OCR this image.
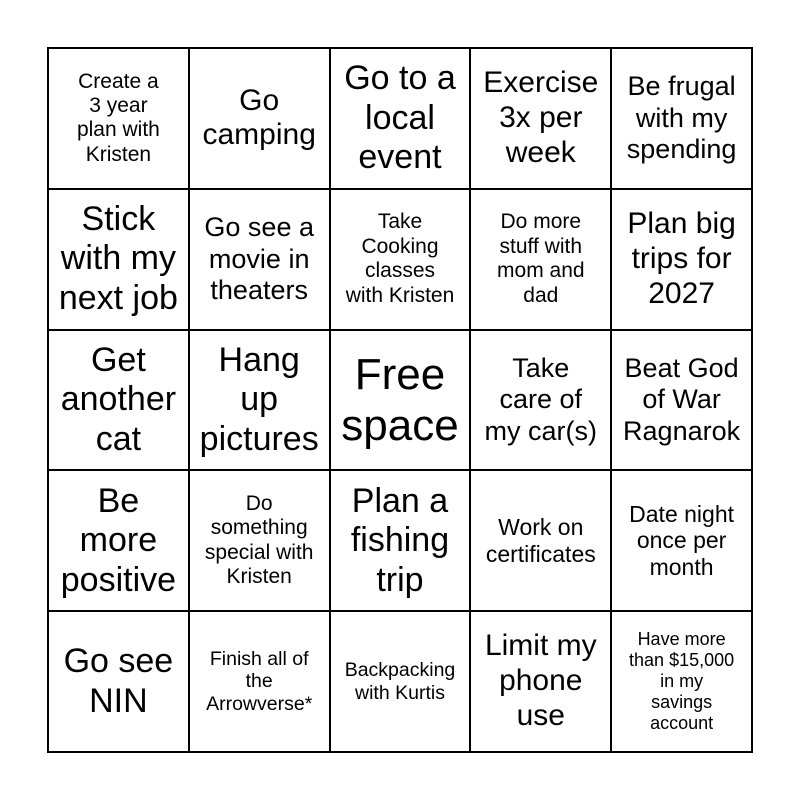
Create a
3 year
plan with
Kristen
Go
camping
Go to a
local
event
Exercise
3x per
week
Be frugal
with my
spending
Stick
with my
next job
Go see a
movie in
theaters
Take
Cooking
classes
with Kristen
Do more
stuff with
mom and
dad
Plan big
trips for
2027
Get
another
cat
Hang
up
pictures
Free
space
Take
care of
my car(s)
Beat God
of War
Ragnarok
Be
more
positive
Do
something
special with
Kristen
Plan a
fishing
trip
Work on
certificates
Date night
once per
month
Go see
NIN
Finish all of
the
Arrowverse*
Backpacking
with Kurtis
Limit my
phone
use
Have more
than $15,000
in my
savings
account
